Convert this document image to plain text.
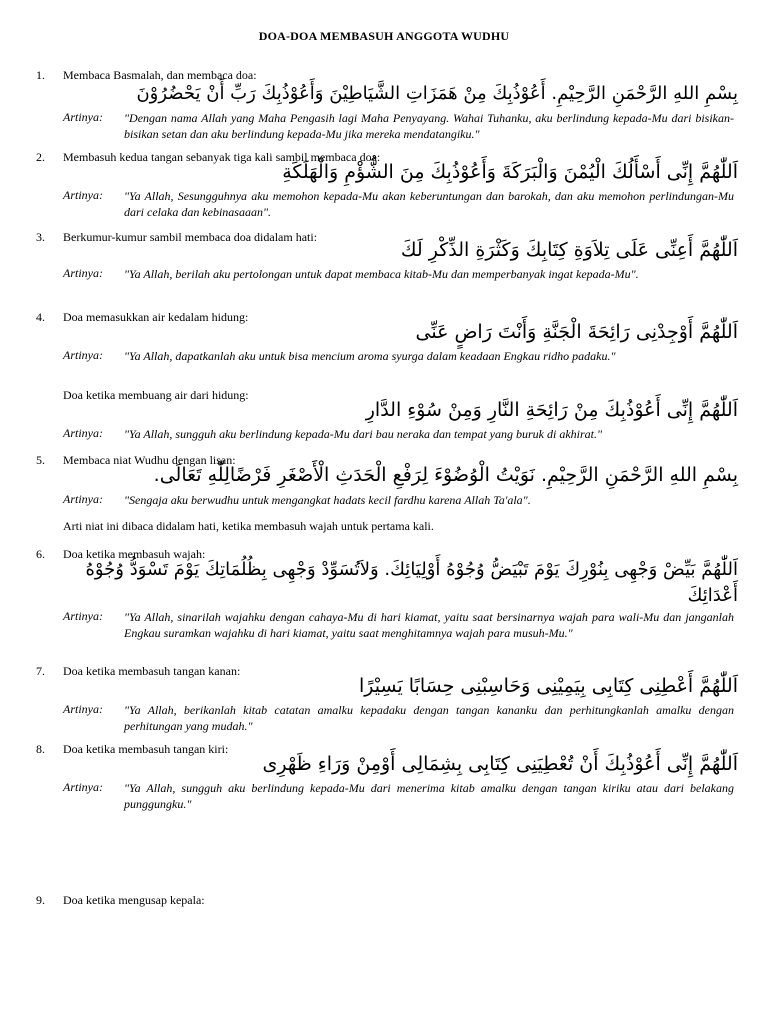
DOA-DOA MEMBASUH ANGGOTA WUDHU
1. Membaca Basmalah, dan membaca doa:
بِسْمِ اللهِ الرَّحْمَنِ الرَّحِيْمِ. أَعُوْذُبِكَ مِنْ هَمَزَاتِ الشَّيَاطِيْنَ وَأَعُوْذُبِكَ رَبِّ أَنْ يَحْضُرُوْنَ
Artinya: "Dengan nama Allah yang Maha Pengasih lagi Maha Penyayang. Wahai Tuhanku, aku berlindung kepada-Mu dari bisikan-bisikan setan dan aku berlindung kepada-Mu jika mereka mendatangiku."
2. Membasuh kedua tangan sebanyak tiga kali sambil membaca doa:
اَللّٰهُمَّ إِنِّى أَسْأَلُكَ الْيُمْنَ وَالْبَرَكَةَ وَأَعُوْذُبِكَ مِنَ الشُّؤْمِ وَالْهَلَكَةِ
Artinya: "Ya Allah, Sesungguhnya aku memohon kepada-Mu akan keberuntungan dan barokah, dan aku memohon perlindungan-Mu dari celaka dan kebinasaaan".
3. Berkumur-kumur sambil membaca doa didalam hati:
اَللّٰهُمَّ أَعِنِّى عَلَى تِلاَوَةِ كِتَابِكَ وَكَثْرَةِ الذِّكْرِ لَكَ
Artinya: "Ya Allah, berilah aku pertolongan untuk dapat membaca kitab-Mu dan memperbanyak ingat kepada-Mu".
4. Doa memasukkan air kedalam hidung:
اَللّٰهُمَّ أَوْجِدْنِى رَائِحَةَ الْجَنَّةِ وَأَنْتَ رَاضٍ عَنِّى
Artinya: "Ya Allah, dapatkanlah aku untuk bisa mencium aroma syurga dalam keadaan Engkau ridho padaku."
Doa ketika membuang air dari hidung:
اَللّٰهُمَّ إِنِّى أَعُوْذُبِكَ مِنْ رَائِحَةِ النَّارِ وَمِنْ سُوْءِ الدَّارِ
Artinya: "Ya Allah, sungguh aku berlindung kepada-Mu dari bau neraka dan tempat yang buruk di akhirat."
5. Membaca niat Wudhu dengan lisan:
بِسْمِ اللهِ الرَّحْمَنِ الرَّحِيْمِ. نَوَيْتُ الْوُضُوْءَ لِرَفْعِ الْحَدَثِ الْأَصْغَرِ فَرْضًالِلّٰهِ تَعَالَى.
Artinya: "Sengaja aku berwudhu untuk mengangkat hadats kecil fardhu karena Allah Ta'ala".
Arti niat ini dibaca didalam hati, ketika membasuh wajah untuk pertama kali.
6. Doa ketika membasuh wajah:
اَللّٰهُمَّ بَيِّضْ وَجْهِى بِنُوْرِكَ يَوْمَ تَبْيَضُّ وُجُوْهُ أَوْلِيَائِكَ. وَلاَتُسَوِّدْ وَجْهِى بِظُلُمَاتِكَ يَوْمَ تَسْوَدُّ وُجُوْهُ أَعْدَائِكَ
Artinya: "Ya Allah, sinarilah wajahku dengan cahaya-Mu di hari kiamat, yaitu saat bersinarnya wajah para wali-Mu dan janganlah Engkau suramkan wajahku di hari kiamat, yaitu saat menghitamnya wajah para musuh-Mu."
7. Doa ketika membasuh tangan kanan:
اَللّٰهُمَّ أَعْطِنِى كِتَابِى بِيَمِيْنِى وَحَاسِبْنِى حِسَابًا يَسِيْرًا
Artinya: "Ya Allah, berikanlah kitab catatan amalku kepadaku dengan tangan kananku dan perhitungkanlah amalku dengan perhitungan yang mudah."
8. Doa ketika membasuh tangan kiri:
اَللّٰهُمَّ إِنِّى أَعُوْذُبِكَ أَنْ تُعْطِيَنِى كِتَابِى بِشِمَالِى أَوْمِنْ وَرَاءِ ظَهْرِى
Artinya: "Ya Allah, sungguh aku berlindung kepada-Mu dari menerima kitab amalku dengan tangan kiriku atau dari belakang punggungku."
9. Doa ketika mengusap kepala:
